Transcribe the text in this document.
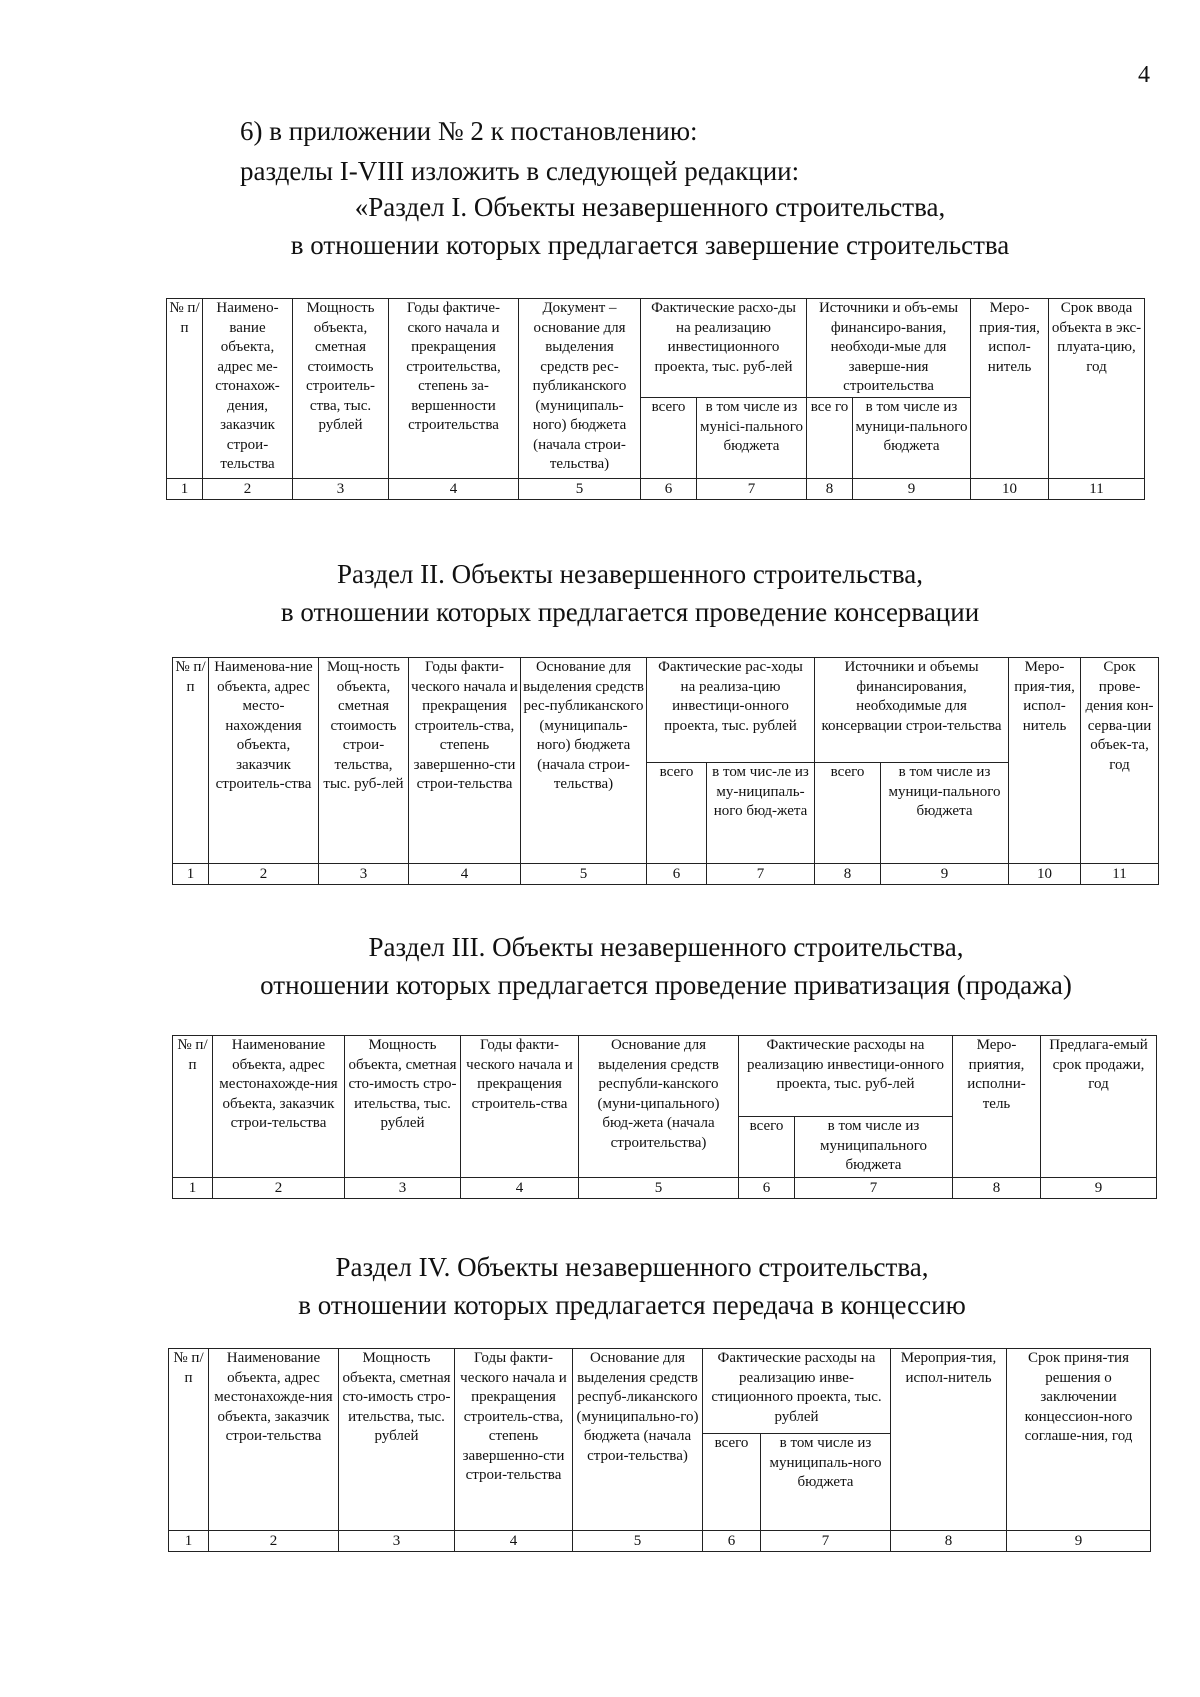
4
6) в приложении № 2 к постановлению:
разделы I-VIII изложить в следующей редакции:
«Раздел I. Объекты незавершенного строительства,
в отношении которых предлагается завершение строительства
№ п/п	Наимено-вание объекта, адрес ме-стонахож-дения, заказчик строи-тельства	Мощность объекта, сметная стоимость строитель-ства, тыс. рублей	Годы фактиче-ского начала и прекращения строительства, степень за-вершенности строительства	Документ – основание для выделения средств рес-публиканского (муниципаль-ного) бюджета (начала строи-тельства)	Фактические расхо-ды на реализацию инвестиционного проекта, тыс. руб-лей		Источники и объ-емы финансиро-вания, необходи-мые для заверше-ния строительства		Меро-прия-тия, испол-нитель	Срок ввода объекта в экс-плуата-цию, год
					всего	в том числе из мунici-пального бюджета	все го	в том числе из муници-пального бюджета		
1	2	3	4	5	6	7	8	9	10	11
Раздел II. Объекты незавершенного строительства,
в отношении которых предлагается проведение консервации
№ п/п	Наименова-ние объекта, адрес место-нахождения объекта, заказчик строитель-ства	Мощ-ность объекта, сметная стоимость строи-тельства, тыс. руб-лей	Годы факти-ческого начала и прекращения строитель-ства, степень завершенно-сти строи-тельства	Основание для выделения средств рес-публиканского (муниципаль-ного) бюджета (начала строи-тельства)	Фактические рас-ходы на реализа-цию инвестици-онного проекта, тыс. рублей		Источники и объемы финансирования, необходимые для консервации строи-тельства		Меро-прия-тия, испол-нитель	Срок прове-дения кон-серва-ции объек-та, год
					всего	в том чис-ле из му-ниципаль-ного бюд-жета	всего	в том числе из муници-пального бюджета		
1	2	3	4	5	6	7	8	9	10	11
Раздел III. Объекты незавершенного строительства,
отношении которых предлагается проведение приватизация (продажа)
№ п/п	Наименование объекта, адрес местонахожде-ния объекта, заказчик строи-тельства	Мощность объекта, сметная сто-имость стро-ительства, тыс. рублей	Годы факти-ческого начала и прекращения строитель-ства	Основание для выделения средств республи-канского (муни-ципального) бюд-жета (начала строительства)	Фактические расходы на реализацию инвестици-онного проекта, тыс. руб-лей		Меро-приятия, исполни-тель	Предлага-емый срок продажи, год
					всего	в том числе из муниципального бюджета		
1	2	3	4	5	6	7	8	9
Раздел IV. Объекты незавершенного строительства,
в отношении которых предлагается передача в концессию
№ п/п	Наименование объекта, адрес местонахожде-ния объекта, заказчик строи-тельства	Мощность объекта, сметная сто-имость стро-ительства, тыс. рублей	Годы факти-ческого начала и прекращения строитель-ства, степень завершенно-сти строи-тельства	Основание для выделения средств респуб-ликанского (муниципально-го) бюджета (начала строи-тельства)	Фактические расходы на реализацию инве-стиционного проекта, тыс. рублей		Мероприя-тия, испол-нитель	Срок приня-тия решения о заключении концессион-ного соглаше-ния, год
					всего	в том числе из муниципаль-ного бюджета		
1	2	3	4	5	6	7	8	9
